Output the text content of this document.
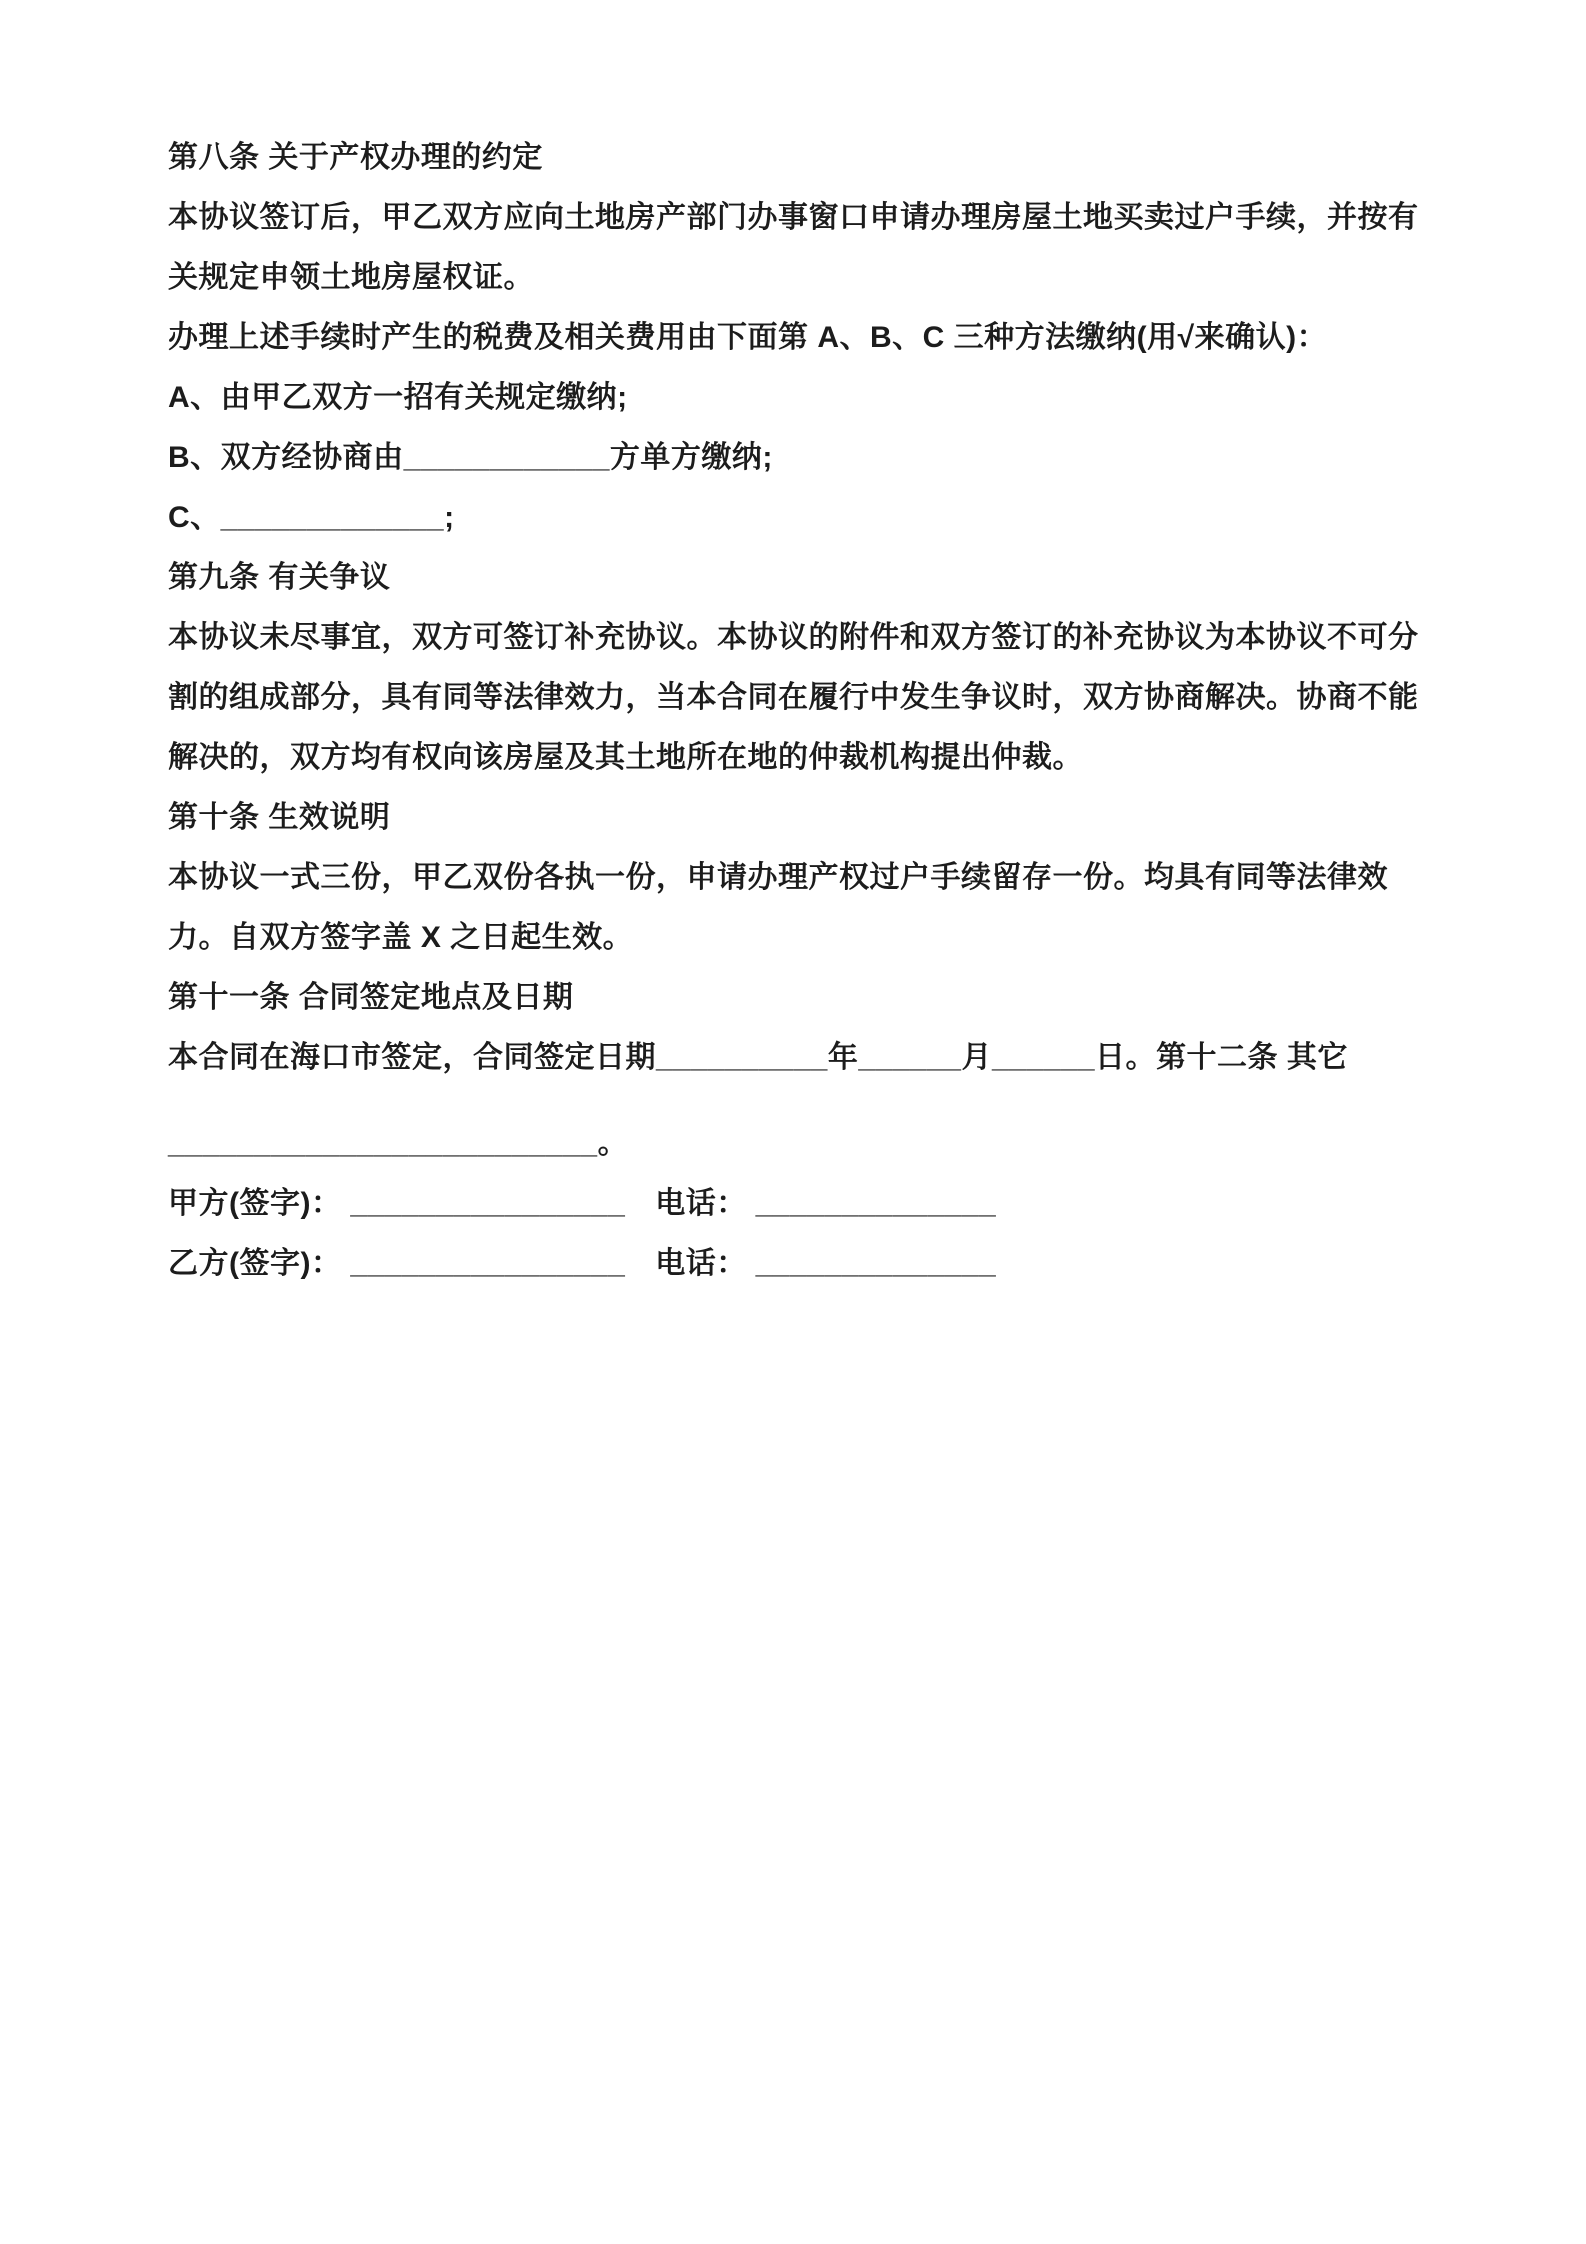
第八条 关于产权办理的约定

本协议签订后，甲乙双方应向土地房产部门办事窗口申请办理房屋土地买卖过户手续，并按有关规定申领土地房屋权证。

办理上述手续时产生的税费及相关费用由下面第 A、B、C 三种方法缴纳(用√来确认)：

A、由甲乙双方一招有关规定缴纳;

B、双方经协商由____________方单方缴纳;

C、_____________;

第九条 有关争议

本协议未尽事宜，双方可签订补充协议。本协议的附件和双方签订的补充协议为本协议不可分割的组成部分，具有同等法律效力，当本合同在履行中发生争议时，双方协商解决。协商不能解决的，双方均有权向该房屋及其土地所在地的仲裁机构提出仲裁。

第十条 生效说明

本协议一式三份，甲乙双份各执一份，申请办理产权过户手续留存一份。均具有同等法律效力。自双方签字盖 X 之日起生效。

第十一条 合同签定地点及日期

本合同在海口市签定，合同签定日期__________年______月______日。第十二条 其它

_________________________。

甲方(签字)： ________________ 电话： ______________

乙方(签字)： ________________ 电话： ______________
